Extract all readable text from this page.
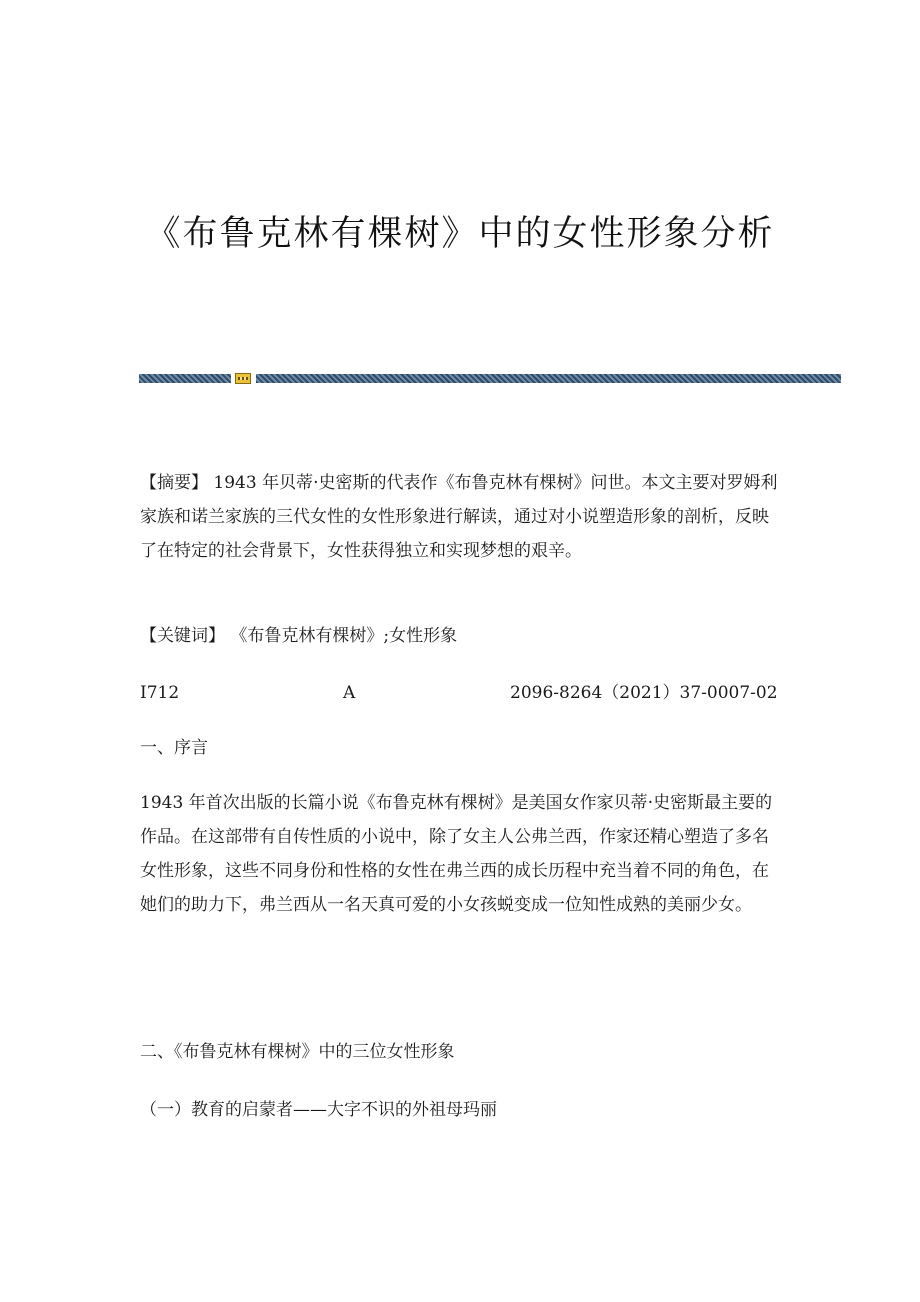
《布鲁克林有棵树》中的女性形象分析

【摘要】 1943 年贝蒂·史密斯的代表作《布鲁克林有棵树》问世。本文主要对罗姆利家族和诺兰家族的三代女性的女性形象进行解读，通过对小说塑造形象的剖析，反映了在特定的社会背景下，女性获得独立和实现梦想的艰辛。

【关键词】 《布鲁克林有棵树》;女性形象

I712	A	2096-8264（2021）37-0007-02
一、序言
1943 年首次出版的长篇小说《布鲁克林有棵树》是美国女作家贝蒂·史密斯最主要的作品。在这部带有自传性质的小说中，除了女主人公弗兰西，作家还精心塑造了多名女性形象，这些不同身份和性格的女性在弗兰西的成长历程中充当着不同的角色，在她们的助力下，弗兰西从一名天真可爱的小女孩蜕变成一位知性成熟的美丽少女。
二、《布鲁克林有棵树》中的三位女性形象
（一）教育的启蒙者——大字不识的外祖母玛丽
